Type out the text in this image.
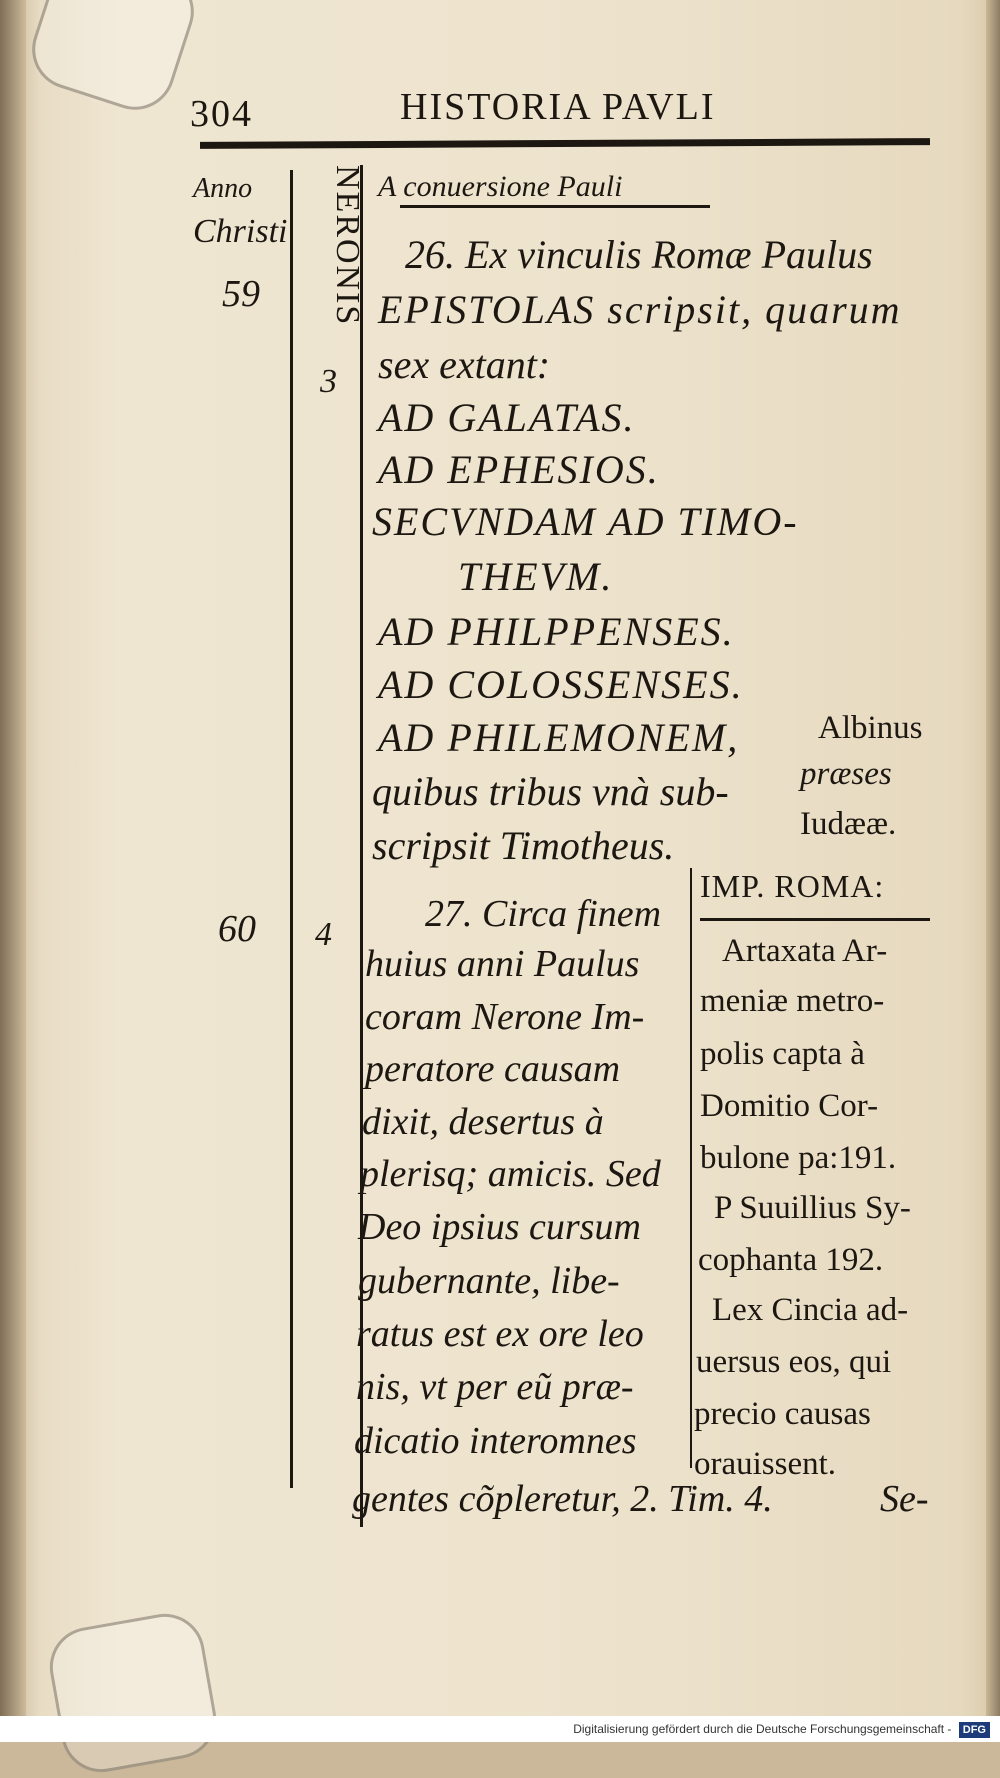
304	HISTORIA PAVLI
Anno
Christi
59
60
NERONIS
3
4
A conuersione Pauli
26. Ex vinculis Romæ Paulus
EPISTOLAS scripsit, quarum
sex extant:
AD GALATAS.
AD EPHESIOS.
SECVNDAM AD TIMO-
THEVM.
AD PHILPPENSES.
AD COLOSSENSES.
AD PHILEMONEM,
quibus tribus vnà sub-
scripsit Timotheus.
Albinus
præses
Iudææ.
IMP. ROMA:
27. Circa finem
huius anni Paulus
coram Nerone Im-
peratore causam
dixit, desertus à
plerisq; amicis. Sed
Deo ipsius cursum
gubernante, libe-
ratus est ex ore leo
nis, vt per eũ præ-
dicatio interomnes
Artaxata Ar-
meniæ metro-
polis capta à
Domitio Cor-
bulone pa:191.
P Suuillius Sy-
cophanta 192.
Lex Cincia ad-
uersus eos, qui
precio causas
orauissent.
gentes cõpleretur, 2. Tim. 4.	Se-
Digitalisierung gefördert durch die Deutsche Forschungsgemeinschaft - DFG
